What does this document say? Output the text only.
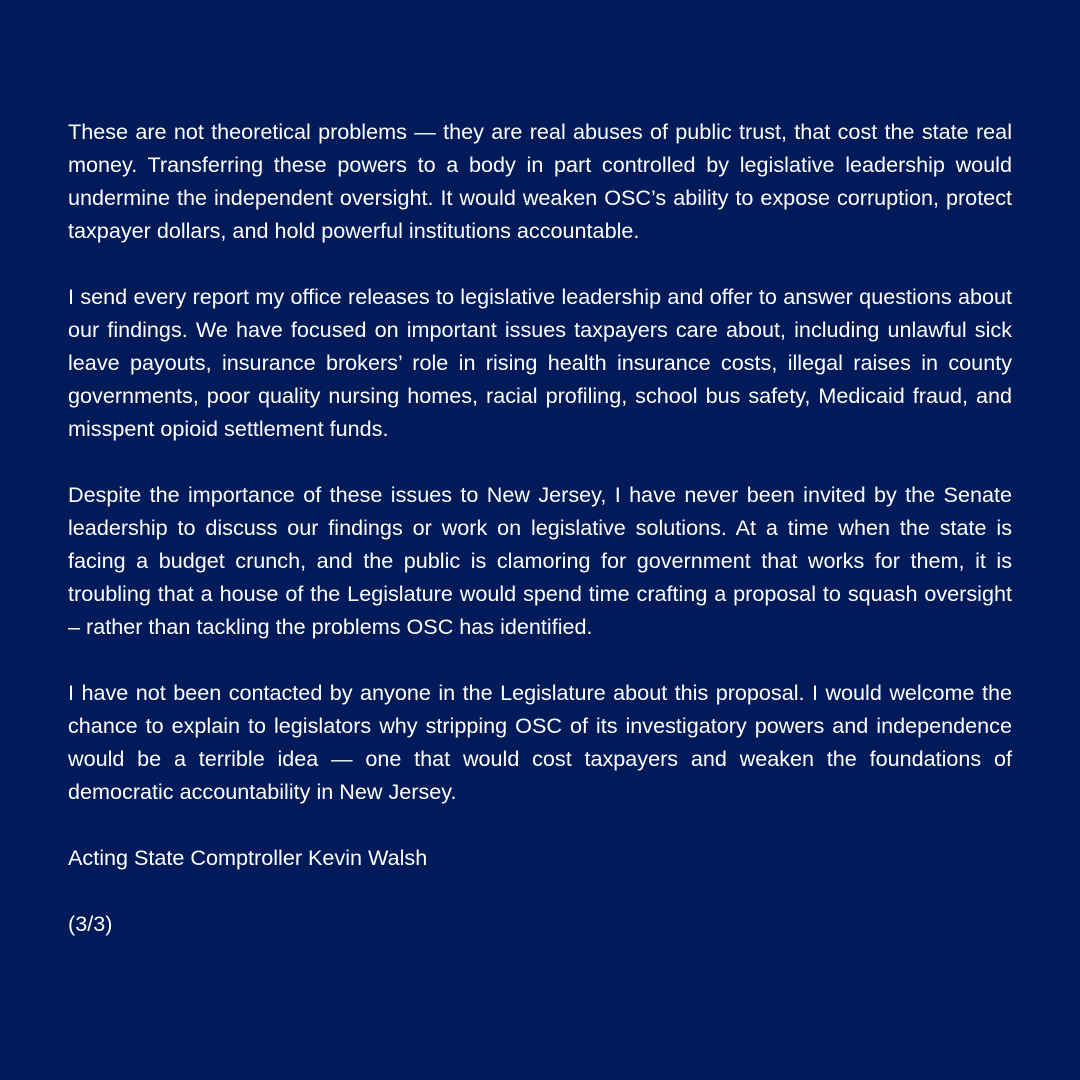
These are not theoretical problems — they are real abuses of public trust, that cost the state real money. Transferring these powers to a body in part controlled by legislative leadership would undermine the independent oversight. It would weaken OSC’s ability to expose corruption, protect taxpayer dollars, and hold powerful institutions accountable.

I send every report my office releases to legislative leadership and offer to answer questions about our findings. We have focused on important issues taxpayers care about, including unlawful sick leave payouts, insurance brokers’ role in rising health insurance costs, illegal raises in county governments, poor quality nursing homes, racial profiling, school bus safety, Medicaid fraud, and misspent opioid settlement funds.

Despite the importance of these issues to New Jersey, I have never been invited by the Senate leadership to discuss our findings or work on legislative solutions. At a time when the state is facing a budget crunch, and the public is clamoring for government that works for them, it is troubling that a house of the Legislature would spend time crafting a proposal to squash oversight – rather than tackling the problems OSC has identified.

I have not been contacted by anyone in the Legislature about this proposal. I would welcome the chance to explain to legislators why stripping OSC of its investigatory powers and independence would be a terrible idea — one that would cost taxpayers and weaken the foundations of democratic accountability in New Jersey.

Acting State Comptroller Kevin Walsh

(3/3)
